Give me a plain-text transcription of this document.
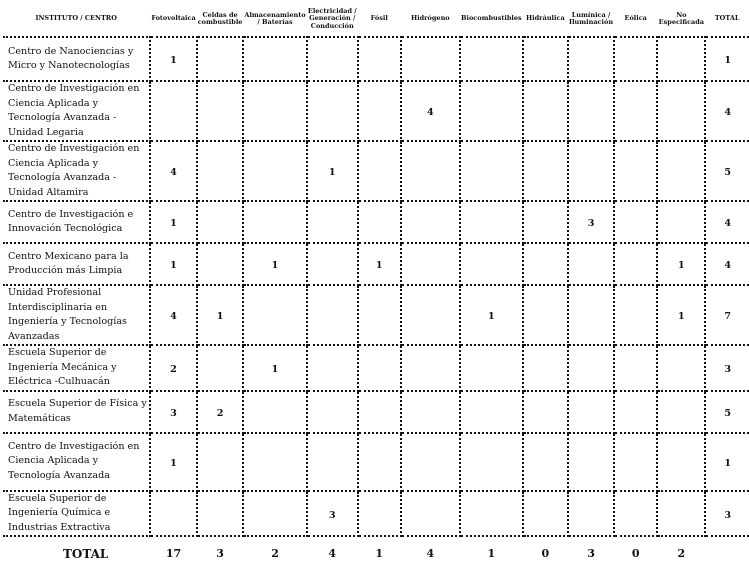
INSTITUTO / CENTRO	Fotovoltaica	Celdas de combustible	Almacenamiento / Baterías	Electricidad / Generación / Conducción	Fósil	Hidrógeno	Biocombustibles	Hidráulica	Lumínica / Iluminación	Eólica	No Especificada	TOTAL
Centro de Nanociencias y Micro y Nanotecnologías	1											1
Centro de Investigación en Ciencia Aplicada y Tecnología Avanzada - Unidad Legaria						4						4
Centro de Investigación en Ciencia Aplicada y Tecnología Avanzada - Unidad Altamira	4			1								5
Centro de Investigación e Innovación Tecnológica	1								3			4
Centro Mexicano para la Producción más Limpia	1		1		1						1	4
Unidad Profesional Interdisciplinaria en Ingeniería y Tecnologías Avanzadas	4	1					1				1	7
Escuela Superior de Ingeniería Mecánica y Eléctrica -Culhuacán	2		1									3
Escuela Superior de Física y Matemáticas	3	2										5
Centro de Investigación en Ciencia Aplicada y Tecnología Avanzada	1											1
Escuela Superior de Ingeniería Química e Industrias Extractiva				3								3
TOTAL	17	3	2	4	1	4	1	0	3	0	2	
